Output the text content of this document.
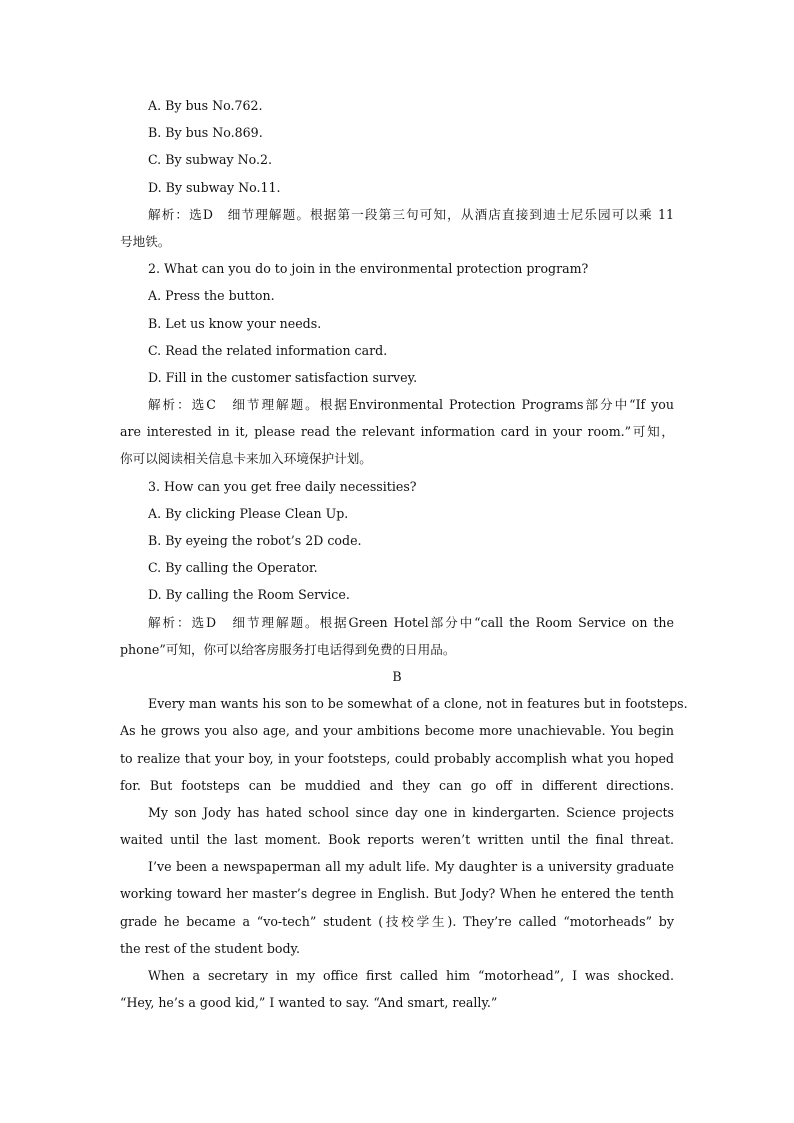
A. By bus No.762.
B. By bus No.869.
C. By subway No.2.
D. By subway No.11.
解析：选D　细节理解题。根据第一段第三句可知，从酒店直接到迪士尼乐园可以乘 11
号地铁。
2. What can you do to join in the environmental protection program?
A. Press the button.
B. Let us know your needs.
C. Read the related information card.
D. Fill in the customer satisfaction survey.
解析：选C　细节理解题。根据Environmental Protection Programs部分中“If you
are interested in it, please read the relevant information card in your room.”可知，
你可以阅读相关信息卡来加入环境保护计划。
3. How can you get free daily necessities?
A. By clicking Please Clean Up.
B. By eyeing the robot’s 2D code.
C. By calling the Operator.
D. By calling the Room Service.
解析：选D　细节理解题。根据Green Hotel部分中“call the Room Service on the
phone”可知，你可以给客房服务打电话得到免费的日用品。
B
Every man wants his son to be somewhat of a clone, not in features but in footsteps.
As he grows you also age, and your ambitions become more unachievable. You begin
to realize that your boy, in your footsteps, could probably accomplish what you hoped
for. But footsteps can be muddied and they can go off in different directions.
My son Jody has hated school since day one in kindergarten. Science projects
waited until the last moment. Book reports weren’t written until the final threat.
I’ve been a newspaperman all my adult life. My daughter is a university graduate
working toward her master’s degree in English. But Jody? When he entered the tenth
grade he became a “vo-tech” student (技校学生). They’re called “motorheads” by
the rest of the student body.
When a secretary in my office first called him “motorhead”, I was shocked.
“Hey, he’s a good kid,” I wanted to say. “And smart, really.”
